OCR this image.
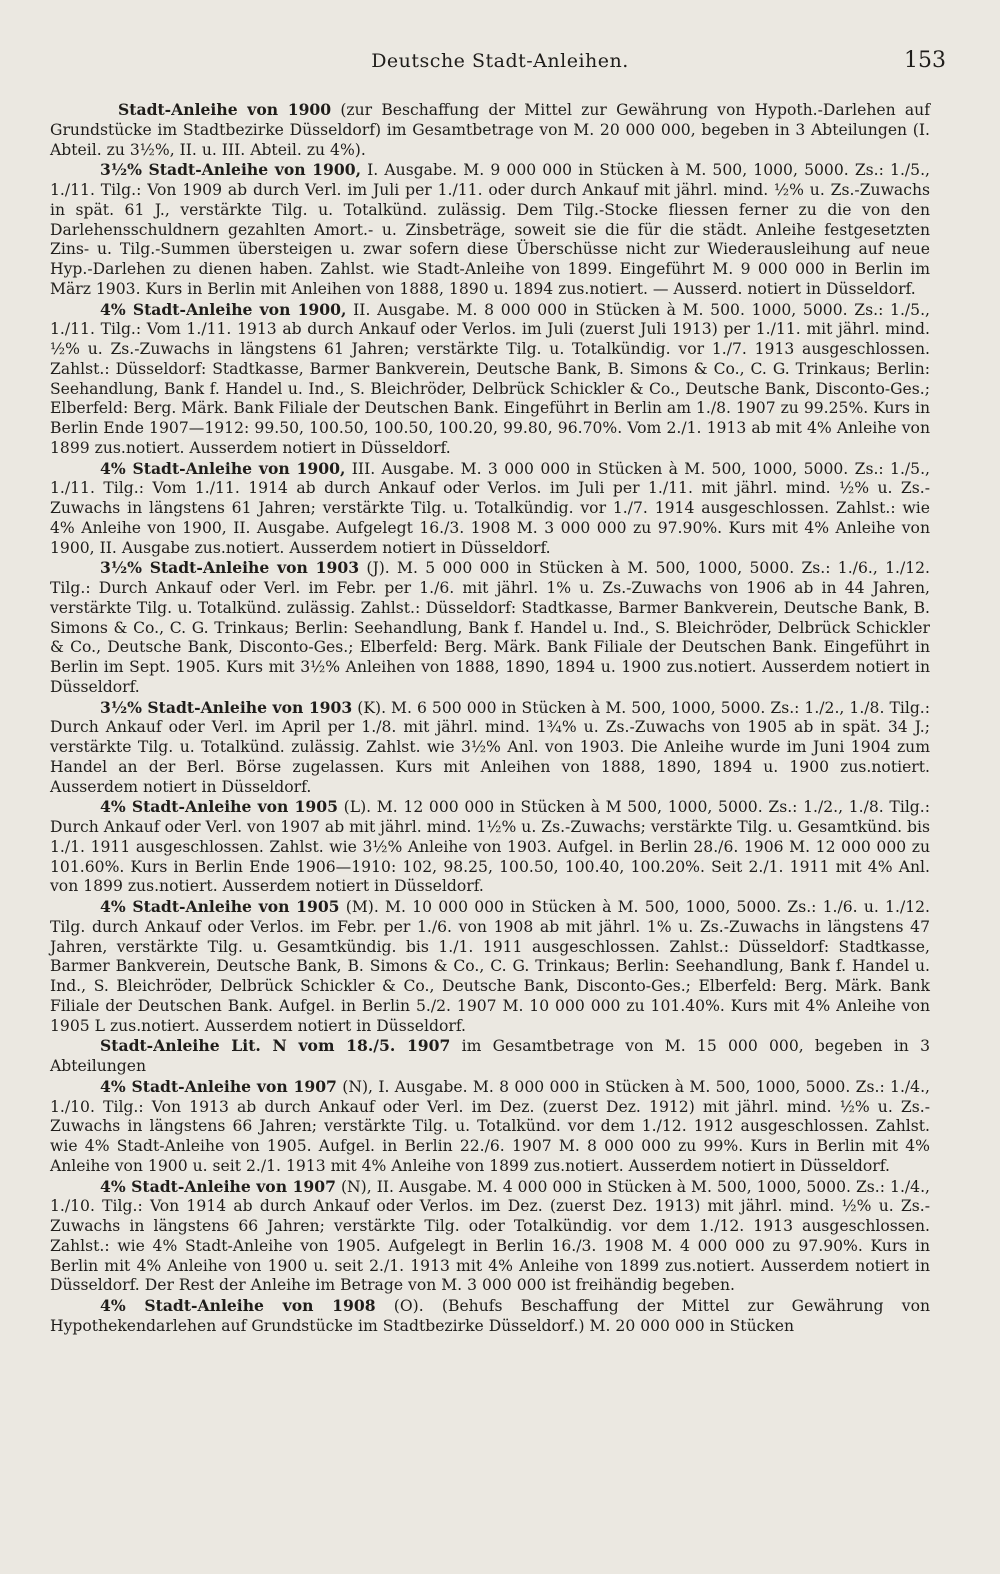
Deutsche Stadt-Anleihen.	153

Stadt-Anleihe von 1900 (zur Beschaffung der Mittel zur Gewährung von Hypoth.-Darlehen auf Grundstücke im Stadtbezirke Düsseldorf) im Gesamtbetrage von M. 20 000 000, begeben in 3 Abteilungen (I. Abteil. zu 3½%, II. u. III. Abteil. zu 4%).

3½% Stadt-Anleihe von 1900, I. Ausgabe. M. 9 000 000 in Stücken à M. 500, 1000, 5000. Zs.: 1./5., 1./11. Tilg.: Von 1909 ab durch Verl. im Juli per 1./11. oder durch Ankauf mit jährl. mind. ½% u. Zs.-Zuwachs in spät. 61 J., verstärkte Tilg. u. Totalkünd. zulässig. Dem Tilg.-Stocke fliessen ferner zu die von den Darlehensschuldnern gezahlten Amort.- u. Zinsbeträge, soweit sie die für die städt. Anleihe festgesetzten Zins- u. Tilg.-Summen übersteigen u. zwar sofern diese Überschüsse nicht zur Wiederausleihung auf neue Hyp.-Darlehen zu dienen haben. Zahlst. wie Stadt-Anleihe von 1899. Eingeführt M. 9 000 000 in Berlin im März 1903. Kurs in Berlin mit Anleihen von 1888, 1890 u. 1894 zus.notiert. — Ausserd. notiert in Düsseldorf.

4% Stadt-Anleihe von 1900, II. Ausgabe. M. 8 000 000 in Stücken à M. 500. 1000, 5000. Zs.: 1./5., 1./11. Tilg.: Vom 1./11. 1913 ab durch Ankauf oder Verlos. im Juli (zuerst Juli 1913) per 1./11. mit jährl. mind. ½% u. Zs.-Zuwachs in längstens 61 Jahren; verstärkte Tilg. u. Totalkündig. vor 1./7. 1913 ausgeschlossen. Zahlst.: Düsseldorf: Stadtkasse, Barmer Bankverein, Deutsche Bank, B. Simons & Co., C. G. Trinkaus; Berlin: Seehandlung, Bank f. Handel u. Ind., S. Bleichröder, Delbrück Schickler & Co., Deutsche Bank, Disconto-Ges.; Elberfeld: Berg. Märk. Bank Filiale der Deutschen Bank. Eingeführt in Berlin am 1./8. 1907 zu 99.25%. Kurs in Berlin Ende 1907—1912: 99.50, 100.50, 100.50, 100.20, 99.80, 96.70%. Vom 2./1. 1913 ab mit 4% Anleihe von 1899 zus.notiert. Ausserdem notiert in Düsseldorf.

4% Stadt-Anleihe von 1900, III. Ausgabe. M. 3 000 000 in Stücken à M. 500, 1000, 5000. Zs.: 1./5., 1./11. Tilg.: Vom 1./11. 1914 ab durch Ankauf oder Verlos. im Juli per 1./11. mit jährl. mind. ½% u. Zs.-Zuwachs in längstens 61 Jahren; verstärkte Tilg. u. Totalkündig. vor 1./7. 1914 ausgeschlossen. Zahlst.: wie 4% Anleihe von 1900, II. Ausgabe. Aufgelegt 16./3. 1908 M. 3 000 000 zu 97.90%. Kurs mit 4% Anleihe von 1900, II. Ausgabe zus.notiert. Ausserdem notiert in Düsseldorf.

3½% Stadt-Anleihe von 1903 (J). M. 5 000 000 in Stücken à M. 500, 1000, 5000. Zs.: 1./6., 1./12. Tilg.: Durch Ankauf oder Verl. im Febr. per 1./6. mit jährl. 1% u. Zs.-Zuwachs von 1906 ab in 44 Jahren, verstärkte Tilg. u. Totalkünd. zulässig. Zahlst.: Düsseldorf: Stadtkasse, Barmer Bankverein, Deutsche Bank, B. Simons & Co., C. G. Trinkaus; Berlin: Seehandlung, Bank f. Handel u. Ind., S. Bleichröder, Delbrück Schickler & Co., Deutsche Bank, Disconto-Ges.; Elberfeld: Berg. Märk. Bank Filiale der Deutschen Bank. Eingeführt in Berlin im Sept. 1905. Kurs mit 3½% Anleihen von 1888, 1890, 1894 u. 1900 zus.notiert. Ausserdem notiert in Düsseldorf.

3½% Stadt-Anleihe von 1903 (K). M. 6 500 000 in Stücken à M. 500, 1000, 5000. Zs.: 1./2., 1./8. Tilg.: Durch Ankauf oder Verl. im April per 1./8. mit jährl. mind. 1¾% u. Zs.-Zuwachs von 1905 ab in spät. 34 J.; verstärkte Tilg. u. Totalkünd. zulässig. Zahlst. wie 3½% Anl. von 1903. Die Anleihe wurde im Juni 1904 zum Handel an der Berl. Börse zugelassen. Kurs mit Anleihen von 1888, 1890, 1894 u. 1900 zus.notiert. Ausserdem notiert in Düsseldorf.

4% Stadt-Anleihe von 1905 (L). M. 12 000 000 in Stücken à M 500, 1000, 5000. Zs.: 1./2., 1./8. Tilg.: Durch Ankauf oder Verl. von 1907 ab mit jährl. mind. 1½% u. Zs.-Zuwachs; verstärkte Tilg. u. Gesamtkünd. bis 1./1. 1911 ausgeschlossen. Zahlst. wie 3½% Anleihe von 1903. Aufgel. in Berlin 28./6. 1906 M. 12 000 000 zu 101.60%. Kurs in Berlin Ende 1906—1910: 102, 98.25, 100.50, 100.40, 100.20%. Seit 2./1. 1911 mit 4% Anl. von 1899 zus.notiert. Ausserdem notiert in Düsseldorf.

4% Stadt-Anleihe von 1905 (M). M. 10 000 000 in Stücken à M. 500, 1000, 5000. Zs.: 1./6. u. 1./12. Tilg. durch Ankauf oder Verlos. im Febr. per 1./6. von 1908 ab mit jährl. 1% u. Zs.-Zuwachs in längstens 47 Jahren, verstärkte Tilg. u. Gesamtkündig. bis 1./1. 1911 ausgeschlossen. Zahlst.: Düsseldorf: Stadtkasse, Barmer Bankverein, Deutsche Bank, B. Simons & Co., C. G. Trinkaus; Berlin: Seehandlung, Bank f. Handel u. Ind., S. Bleichröder, Delbrück Schickler & Co., Deutsche Bank, Disconto-Ges.; Elberfeld: Berg. Märk. Bank Filiale der Deutschen Bank. Aufgel. in Berlin 5./2. 1907 M. 10 000 000 zu 101.40%. Kurs mit 4% Anleihe von 1905 L zus.notiert. Ausserdem notiert in Düsseldorf.

Stadt-Anleihe Lit. N vom 18./5. 1907 im Gesamtbetrage von M. 15 000 000, begeben in 3 Abteilungen

4% Stadt-Anleihe von 1907 (N), I. Ausgabe. M. 8 000 000 in Stücken à M. 500, 1000, 5000. Zs.: 1./4., 1./10. Tilg.: Von 1913 ab durch Ankauf oder Verl. im Dez. (zuerst Dez. 1912) mit jährl. mind. ½% u. Zs.-Zuwachs in längstens 66 Jahren; verstärkte Tilg. u. Totalkünd. vor dem 1./12. 1912 ausgeschlossen. Zahlst. wie 4% Stadt-Anleihe von 1905. Aufgel. in Berlin 22./6. 1907 M. 8 000 000 zu 99%. Kurs in Berlin mit 4% Anleihe von 1900 u. seit 2./1. 1913 mit 4% Anleihe von 1899 zus.notiert. Ausserdem notiert in Düsseldorf.

4% Stadt-Anleihe von 1907 (N), II. Ausgabe. M. 4 000 000 in Stücken à M. 500, 1000, 5000. Zs.: 1./4., 1./10. Tilg.: Von 1914 ab durch Ankauf oder Verlos. im Dez. (zuerst Dez. 1913) mit jährl. mind. ½% u. Zs.-Zuwachs in längstens 66 Jahren; verstärkte Tilg. oder Totalkündig. vor dem 1./12. 1913 ausgeschlossen. Zahlst.: wie 4% Stadt-Anleihe von 1905. Aufgelegt in Berlin 16./3. 1908 M. 4 000 000 zu 97.90%. Kurs in Berlin mit 4% Anleihe von 1900 u. seit 2./1. 1913 mit 4% Anleihe von 1899 zus.notiert. Ausserdem notiert in Düsseldorf. Der Rest der Anleihe im Betrage von M. 3 000 000 ist freihändig begeben.

4% Stadt-Anleihe von 1908 (O). (Behufs Beschaffung der Mittel zur Gewährung von Hypothekendarlehen auf Grundstücke im Stadtbezirke Düsseldorf.) M. 20 000 000 in Stücken
